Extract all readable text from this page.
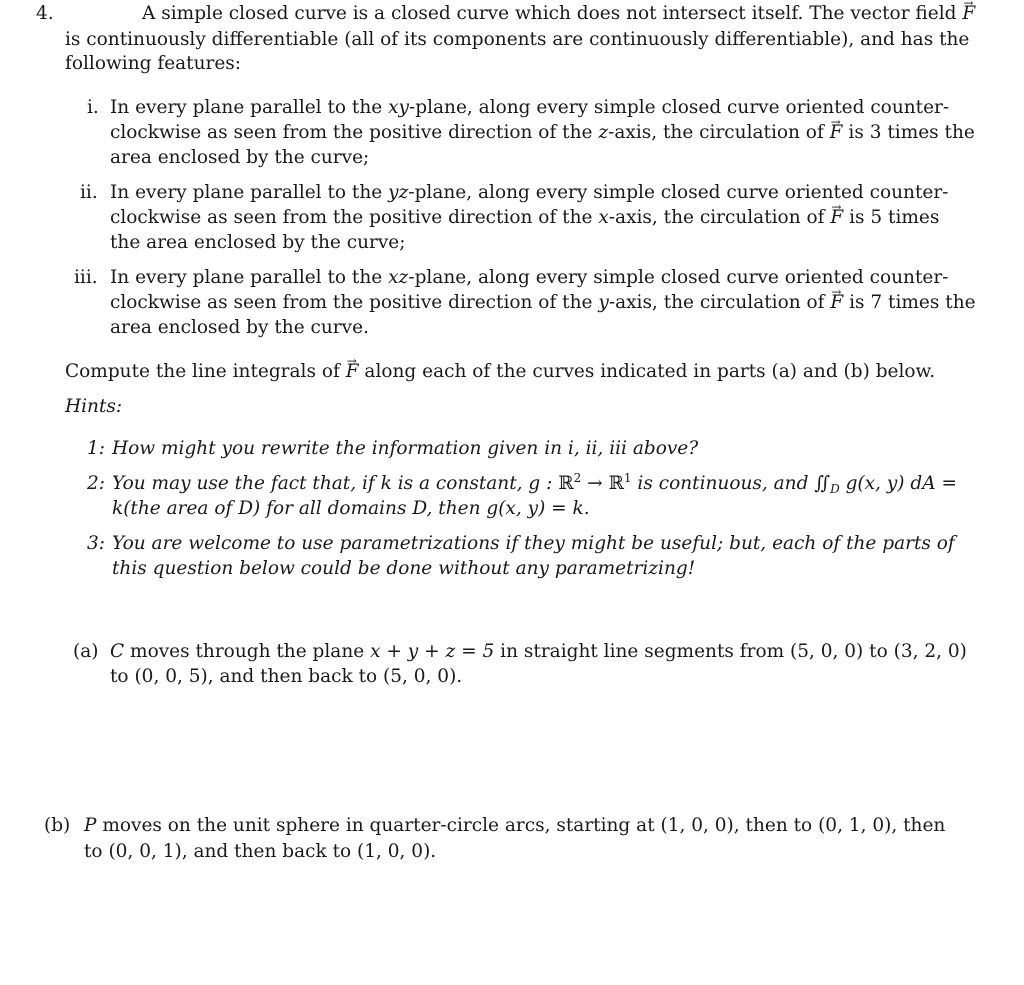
4.	A simple closed curve is a closed curve which does not intersect itself. The vector field F →
is continuously differentiable (all of its components are continuously differentiable), and has the
following features:
i. In every plane parallel to the xy-plane, along every simple closed curve oriented counter-
clockwise as seen from the positive direction of the z-axis, the circulation of F → is 3 times the
area enclosed by the curve;
ii. In every plane parallel to the yz-plane, along every simple closed curve oriented counter-
clockwise as seen from the positive direction of the x-axis, the circulation of F → is 5 times
the area enclosed by the curve;
iii. In every plane parallel to the xz-plane, along every simple closed curve oriented counter-
clockwise as seen from the positive direction of the y-axis, the circulation of F → is 7 times the
area enclosed by the curve.
Compute the line integrals of F → along each of the curves indicated in parts (a) and (b) below.
Hints:
1: How might you rewrite the information given in i, ii, iii above?
2: You may use the fact that, if k is a constant, g : ℝ$^2$ → ℝ$^1$ is continuous, and $∬_D$ g(x, y) dA =
k(the area of D) for all domains D, then g(x, y) = k.
3: You are welcome to use parametrizations if they might be useful; but, each of the parts of
this question below could be done without any parametrizing!
(a) C moves through the plane x + y + z = 5 in straight line segments from (5, 0, 0) to (3, 2, 0)
to (0, 0, 5), and then back to (5, 0, 0).
(b) P moves on the unit sphere in quarter-circle arcs, starting at (1, 0, 0), then to (0, 1, 0), then
to (0, 0, 1), and then back to (1, 0, 0).
